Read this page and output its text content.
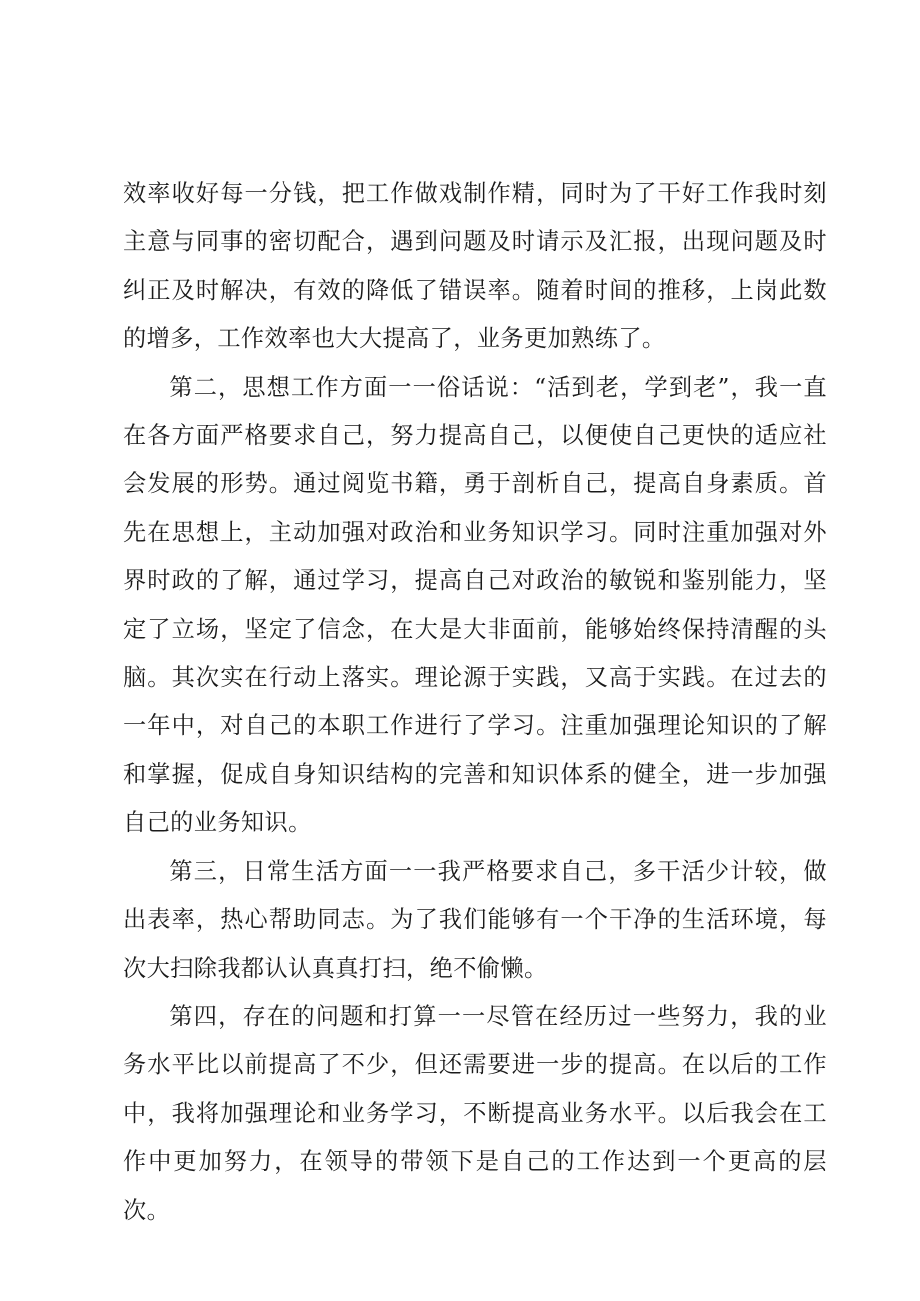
效率收好每一分钱，把工作做戏制作精，同时为了干好工作我时刻主意与同事的密切配合，遇到问题及时请示及汇报，出现问题及时纠正及时解决，有效的降低了错误率。随着时间的推移，上岗此数的增多，工作效率也大大提高了，业务更加熟练了。

第二，思想工作方面一一俗话说：“活到老，学到老”，我一直在各方面严格要求自己，努力提高自己，以便使自己更快的适应社会发展的形势。通过阅览书籍，勇于剖析自己，提高自身素质。首先在思想上，主动加强对政治和业务知识学习。同时注重加强对外界时政的了解，通过学习，提高自己对政治的敏锐和鉴别能力，坚定了立场，坚定了信念，在大是大非面前，能够始终保持清醒的头脑。其次实在行动上落实。理论源于实践，又高于实践。在过去的一年中，对自己的本职工作进行了学习。注重加强理论知识的了解和掌握，促成自身知识结构的完善和知识体系的健全，进一步加强自己的业务知识。

第三，日常生活方面一一我严格要求自己，多干活少计较，做出表率，热心帮助同志。为了我们能够有一个干净的生活环境，每次大扫除我都认认真真打扫，绝不偷懒。

第四，存在的问题和打算一一尽管在经历过一些努力，我的业务水平比以前提高了不少，但还需要进一步的提高。在以后的工作中，我将加强理论和业务学习，不断提高业务水平。以后我会在工作中更加努力，在领导的带领下是自己的工作达到一个更高的层次。
